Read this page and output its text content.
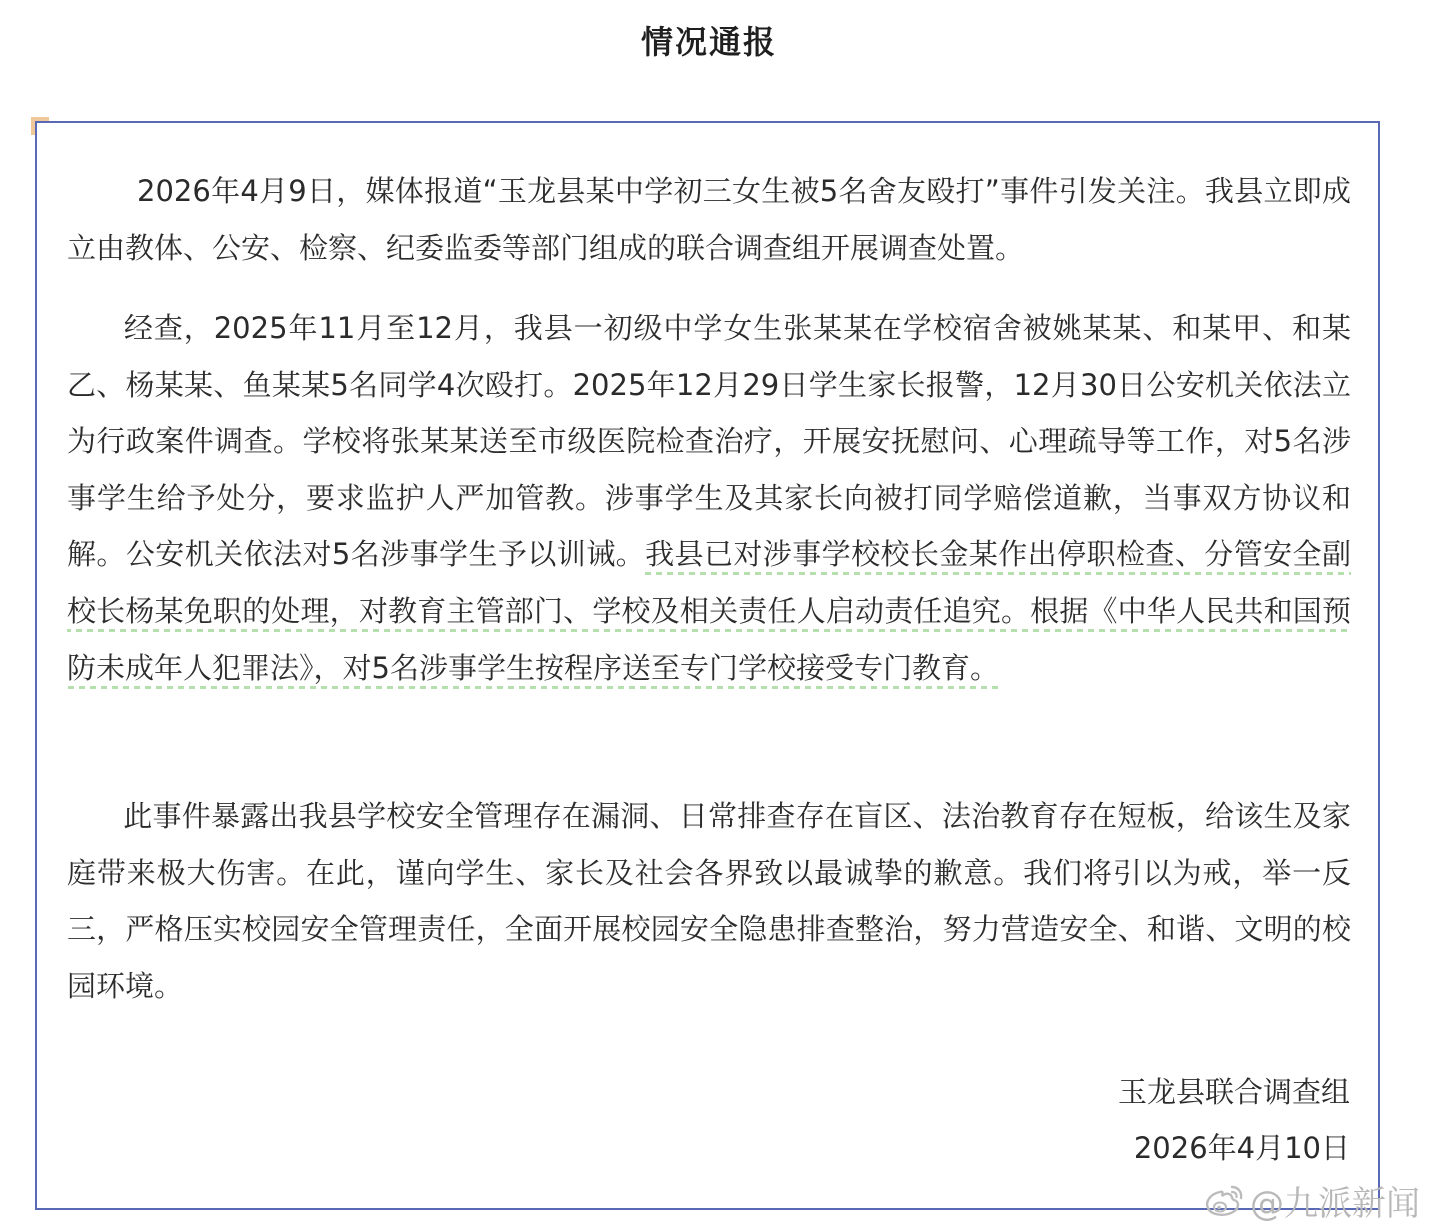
情况通报

2026年4月9日，媒体报道“玉龙县某中学初三女生被5名舍友殴打”事件引发关注。我县立即成立由教体、公安、检察、纪委监委等部门组成的联合调查组开展调查处置。

经查，2025年11月至12月，我县一初级中学女生张某某在学校宿舍被姚某某、和某甲、和某乙、杨某某、鱼某某5名同学4次殴打。2025年12月29日学生家长报警，12月30日公安机关依法立为行政案件调查。学校将张某某送至市级医院检查治疗，开展安抚慰问、心理疏导等工作，对5名涉事学生给予处分，要求监护人严加管教。涉事学生及其家长向被打同学赔偿道歉，当事双方协议和解。公安机关依法对5名涉事学生予以训诫。我县已对涉事学校校长金某作出停职检查、分管安全副校长杨某免职的处理，对教育主管部门、学校及相关责任人启动责任追究。根据《中华人民共和国预防未成年人犯罪法》，对5名涉事学生按程序送至专门学校接受专门教育。

此事件暴露出我县学校安全管理存在漏洞、日常排查存在盲区、法治教育存在短板，给该生及家庭带来极大伤害。在此，谨向学生、家长及社会各界致以最诚挚的歉意。我们将引以为戒，举一反三，严格压实校园安全管理责任，全面开展校园安全隐患排查整治，努力营造安全、和谐、文明的校园环境。

玉龙县联合调查组

2026年4月10日

@九派新闻
